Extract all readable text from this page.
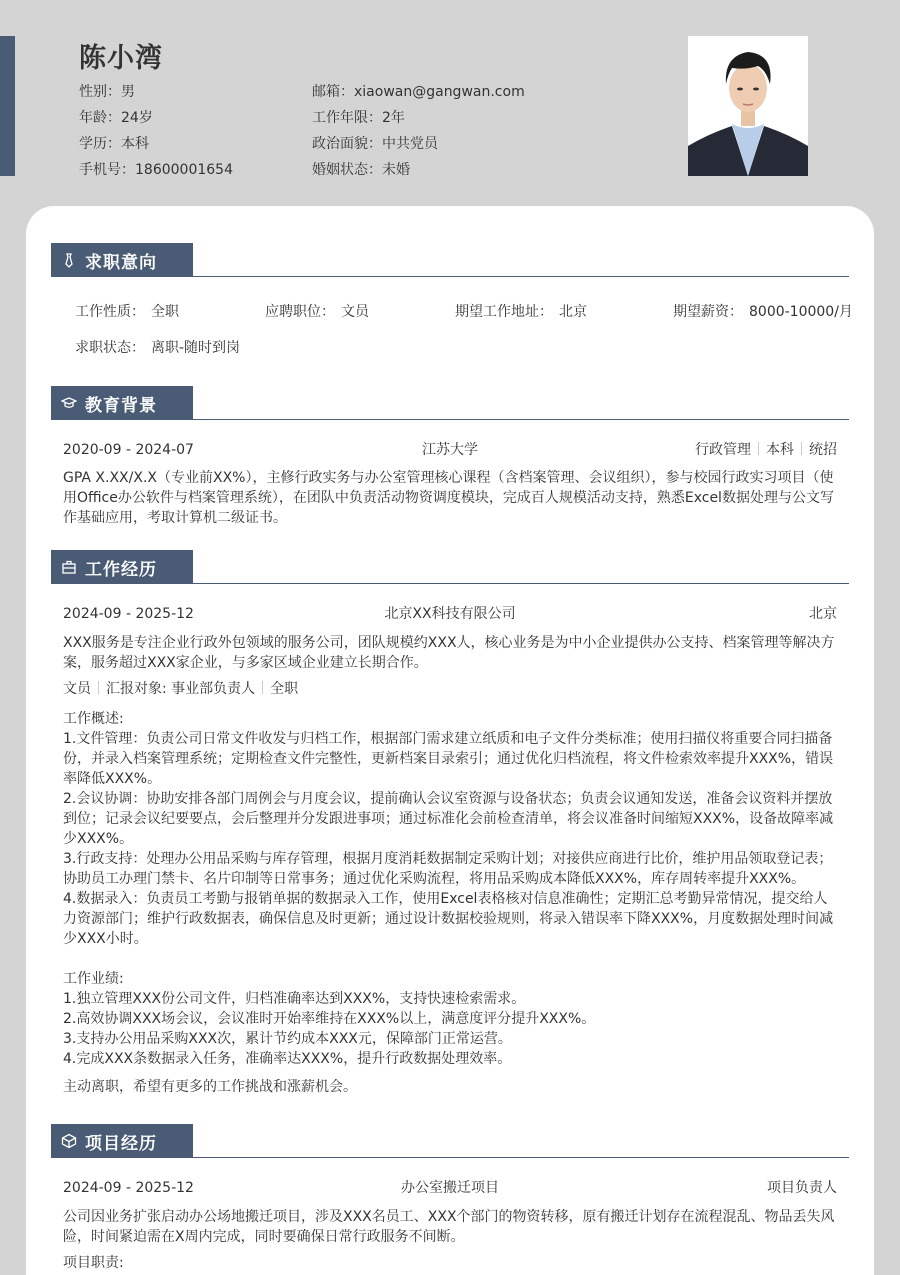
陈小湾
性别：男
年龄：24岁
学历：本科
手机号：18600001654
邮箱：xiaowan@gangwan.com
工作年限：2年
政治面貌：中共党员
婚姻状态：未婚
求职意向
工作性质： 全职	应聘职位： 文员	期望工作地址： 北京	期望薪资： 8000-10000/月
求职状态： 离职-随时到岗
教育背景
2020-09 - 2024-07	江苏大学	行政管理 本科 统招
GPA X.XX/X.X（专业前XX%），主修行政实务与办公室管理核心课程（含档案管理、会议组织），参与校园行政实习项目（使用Office办公软件与档案管理系统），在团队中负责活动物资调度模块，完成百人规模活动支持，熟悉Excel数据处理与公文写作基础应用，考取计算机二级证书。
工作经历
2024-09 - 2025-12	北京XX科技有限公司	北京
XXX服务是专注企业行政外包领域的服务公司，团队规模约XXX人，核心业务是为中小企业提供办公支持、档案管理等解决方案，服务超过XXX家企业，与多家区域企业建立长期合作。
文员 汇报对象: 事业部负责人 全职
工作概述:
1.文件管理：负责公司日常文件收发与归档工作，根据部门需求建立纸质和电子文件分类标准；使用扫描仪将重要合同扫描备份，并录入档案管理系统；定期检查文件完整性，更新档案目录索引；通过优化归档流程，将文件检索效率提升XXX%，错误率降低XXX%。
2.会议协调：协助安排各部门周例会与月度会议，提前确认会议室资源与设备状态；负责会议通知发送，准备会议资料并摆放到位；记录会议纪要要点，会后整理并分发跟进事项；通过标准化会前检查清单，将会议准备时间缩短XXX%，设备故障率减少XXX%。
3.行政支持：处理办公用品采购与库存管理，根据月度消耗数据制定采购计划；对接供应商进行比价，维护用品领取登记表；协助员工办理门禁卡、名片印制等日常事务；通过优化采购流程，将用品采购成本降低XXX%，库存周转率提升XXX%。
4.数据录入：负责员工考勤与报销单据的数据录入工作，使用Excel表格核对信息准确性；定期汇总考勤异常情况，提交给人力资源部门；维护行政数据表，确保信息及时更新；通过设计数据校验规则，将录入错误率下降XXX%，月度数据处理时间减少XXX小时。
工作业绩:
1.独立管理XXX份公司文件，归档准确率达到XXX%，支持快速检索需求。
2.高效协调XXX场会议，会议准时开始率维持在XXX%以上，满意度评分提升XXX%。
3.支持办公用品采购XXX次，累计节约成本XXX元，保障部门正常运营。
4.完成XXX条数据录入任务，准确率达XXX%，提升行政数据处理效率。
主动离职，希望有更多的工作挑战和涨薪机会。
项目经历
2024-09 - 2025-12	办公室搬迁项目	项目负责人
公司因业务扩张启动办公场地搬迁项目，涉及XXX名员工、XXX个部门的物资转移，原有搬迁计划存在流程混乱、物品丢失风险，时间紧迫需在X周内完成，同时要确保日常行政服务不间断。
项目职责:
